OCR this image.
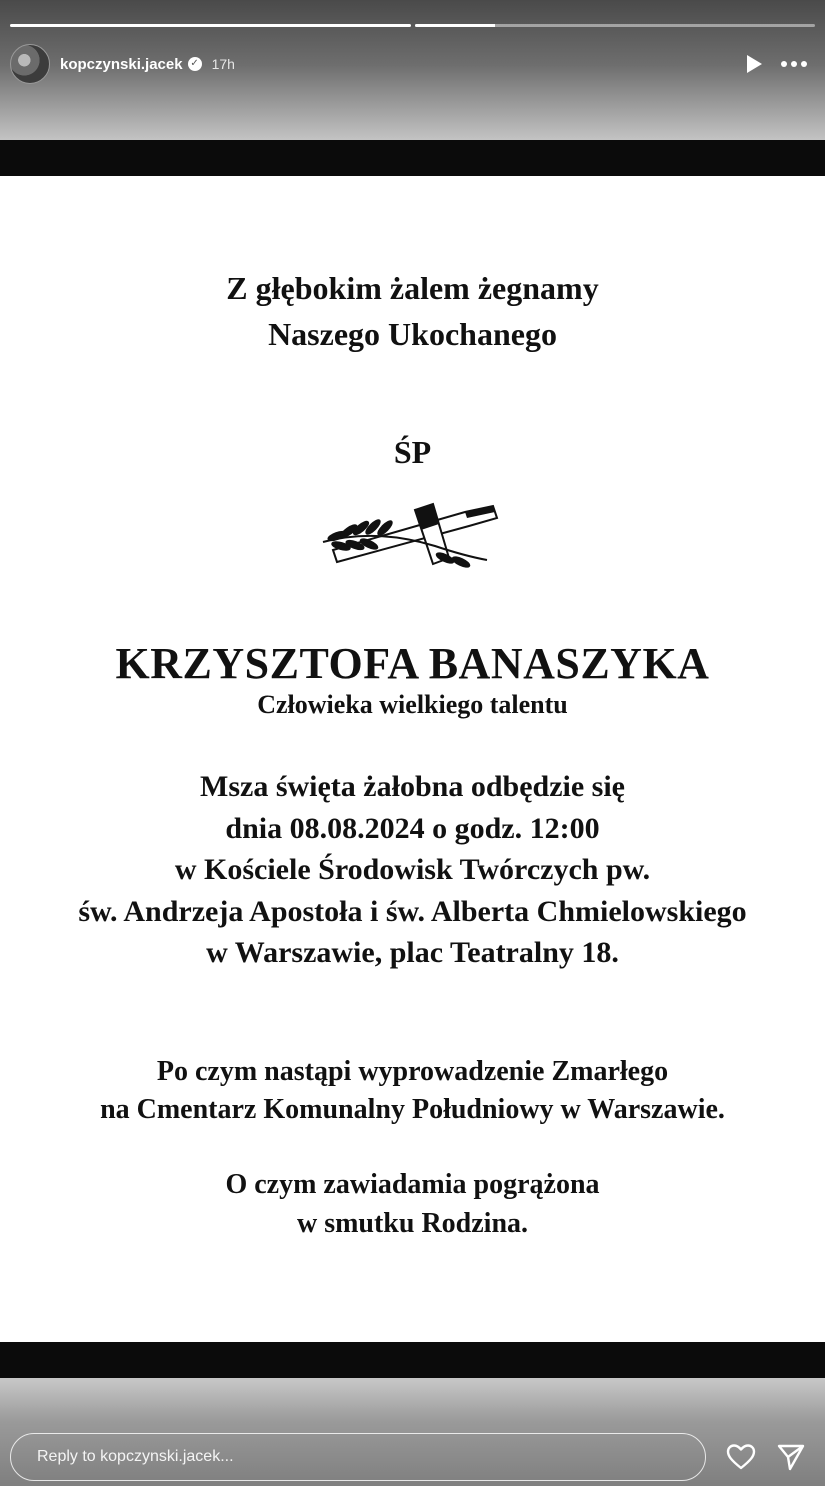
kopczynski.jacek ✓ 17h
Z głębokim żalem żegnamy
Naszego Ukochanego
ŚP
KRZYSZTOFA BANASZYKA
Człowieka wielkiego talentu
Msza święta żałobna odbędzie się
dnia 08.08.2024 o godz. 12:00
w Kościele Środowisk Twórczych pw.
św. Andrzeja Apostoła i św. Alberta Chmielowskiego
w Warszawie, plac Teatralny 18.
Po czym nastąpi wyprowadzenie Zmarłego
na Cmentarz Komunalny Południowy w Warszawie.
O czym zawiadamia pogrążona
w smutku Rodzina.
Reply to kopczynski.jacek...
